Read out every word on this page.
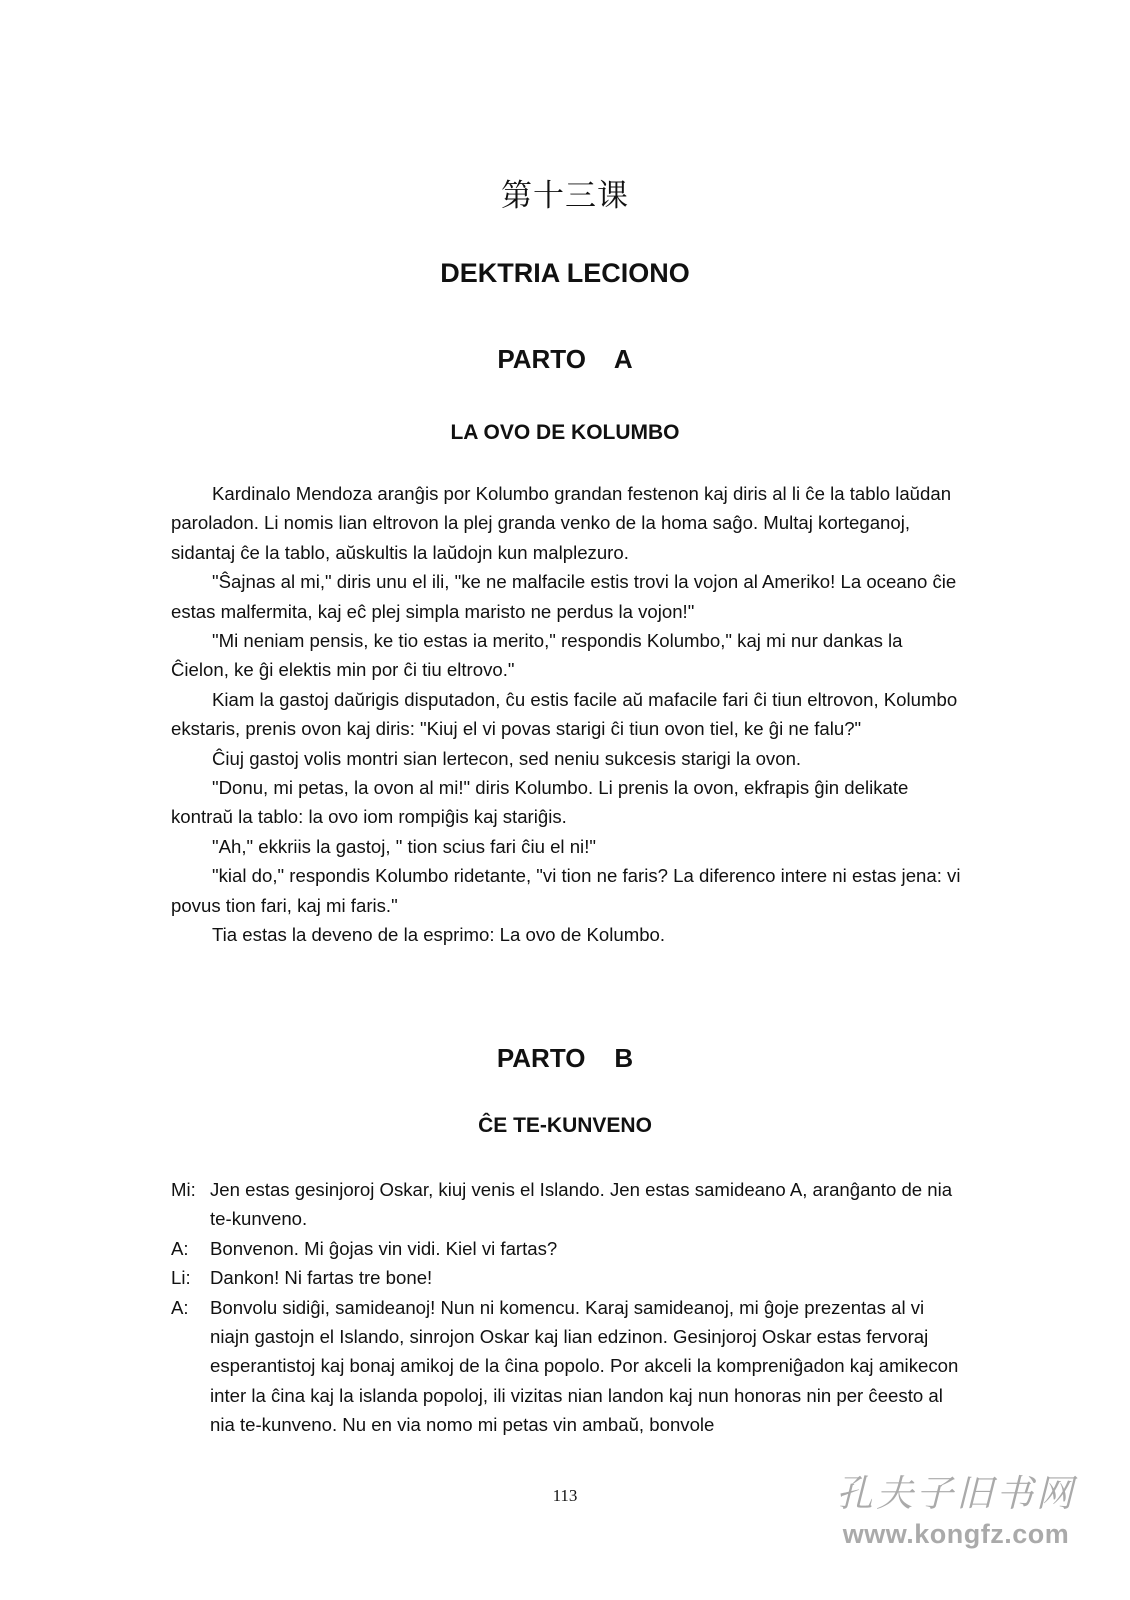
第十三课
DEKTRIA LECIONO
PARTO    A
LA OVO DE KOLUMBO

Kardinalo Mendoza aranĝis por Kolumbo grandan festenon kaj diris al li ĉe la tablo laŭdan paroladon. Li nomis lian eltrovon la plej granda venko de la homa saĝo. Multaj korteganoj, sidantaj ĉe la tablo, aŭskultis la laŭdojn kun malplezuro.

"Ŝajnas al mi," diris unu el ili, "ke ne malfacile estis trovi la vojon al Ameriko! La oceano ĉie estas malfermita, kaj eĉ plej simpla maristo ne perdus la vojon!"

"Mi neniam pensis, ke tio estas ia merito," respondis Kolumbo," kaj mi nur dankas la Ĉielon, ke ĝi elektis min por ĉi tiu eltrovo."

Kiam la gastoj daŭrigis disputadon, ĉu estis facile aŭ mafacile fari ĉi tiun eltrovon, Kolumbo ekstaris, prenis ovon kaj diris: "Kiuj el vi povas starigi ĉi tiun ovon tiel, ke ĝi ne falu?"

Ĉiuj gastoj volis montri sian lertecon, sed neniu sukcesis starigi la ovon.

"Donu, mi petas, la ovon al mi!" diris Kolumbo. Li prenis la ovon, ekfrapis ĝin delikate kontraŭ la tablo: la ovo iom rompiĝis kaj stariĝis.

"Ah," ekkriis la gastoj, " tion scius fari ĉiu el ni!"

"kial do," respondis Kolumbo ridetante, "vi tion ne faris? La diferenco intere ni estas jena: vi povus tion fari, kaj mi faris."

Tia estas la deveno de la esprimo: La ovo de Kolumbo.

PARTO    B
ĈE TE-KUNVENO
Mi: Jen estas gesinjoroj Oskar, kiuj venis el Islando. Jen estas samideano A, aranĝanto de nia te-kunveno.
A:	Bonvenon. Mi ĝojas vin vidi. Kiel vi fartas?
Li:	Dankon! Ni fartas tre bone!
A:	Bonvolu sidiĝi, samideanoj! Nun ni komencu. Karaj samideanoj, mi ĝoje prezentas al vi niajn gastojn el Islando, sinrojon Oskar kaj lian edzinon. Gesinjoroj Oskar estas fervoraj esperantistoj kaj bonaj amikoj de la ĉina popolo. Por akceli la kompreniĝadon kaj amikecon inter la ĉina kaj la islanda popoloj, ili vizitas nian landon kaj nun honoras nin per ĉeesto al nia te-kunveno. Nu en via nomo mi petas vin ambaŭ, bonvole
113	孔夫子旧书网
www.kongfz.com
